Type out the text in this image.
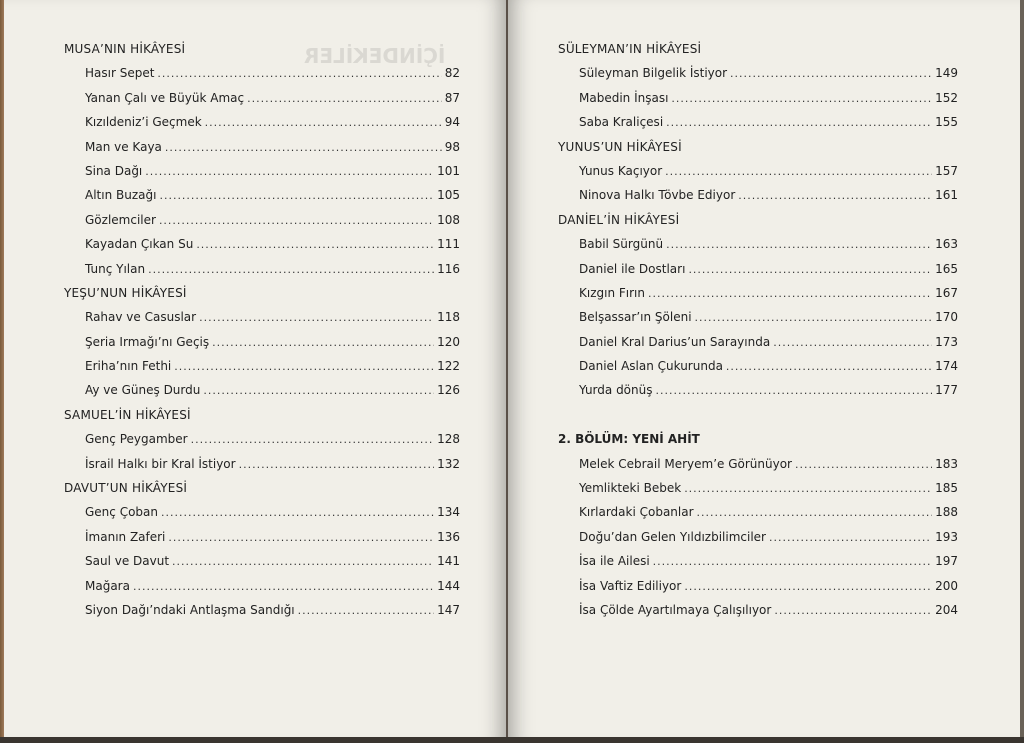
İÇİNDEKİLER
MUSA’NIN HİKÂYESİ
Hasır Sepet .....	82
Yanan Çalı ve Büyük Amaç .....	87
Kızıldeniz’i Geçmek .....	94
Man ve Kaya .....	98
Sina Dağı .....	101
Altın Buzağı .....	105
Gözlemciler .....	108
Kayadan Çıkan Su .....	111
Tunç Yılan .....	116
YEŞU’NUN HİKÂYESİ
Rahav ve Casuslar .....	118
Şeria Irmağı’nı Geçiş .....	120
Eriha’nın Fethi .....	122
Ay ve Güneş Durdu .....	126
SAMUEL’İN HİKÂYESİ
Genç Peygamber .....	128
İsrail Halkı bir Kral İstiyor .....	132
DAVUT’UN HİKÂYESİ
Genç Çoban .....	134
İmanın Zaferi .....	136
Saul ve Davut .....	141
Mağara .....	144
Siyon Dağı’ndaki Antlaşma Sandığı .....	147
SÜLEYMAN’IN HİKÂYESİ
Süleyman Bilgelik İstiyor .....	149
Mabedin İnşası .....	152
Saba Kraliçesi .....	155
YUNUS’UN HİKÂYESİ
Yunus Kaçıyor .....	157
Ninova Halkı Tövbe Ediyor .....	161
DANİEL’İN HİKÂYESİ
Babil Sürgünü .....	163
Daniel ile Dostları .....	165
Kızgın Fırın .....	167
Belşassar’ın Şöleni .....	170
Daniel Kral Darius’un Sarayında .....	173
Daniel Aslan Çukurunda .....	174
Yurda dönüş .....	177
2. BÖLÜM: YENİ AHİT
Melek Cebrail Meryem’e Görünüyor .....	183
Yemlikteki Bebek .....	185
Kırlardaki Çobanlar .....	188
Doğu’dan Gelen Yıldızbilimciler .....	193
İsa ile Ailesi .....	197
İsa Vaftiz Ediliyor .....	200
İsa Çölde Ayartılmaya Çalışılıyor .....	204
